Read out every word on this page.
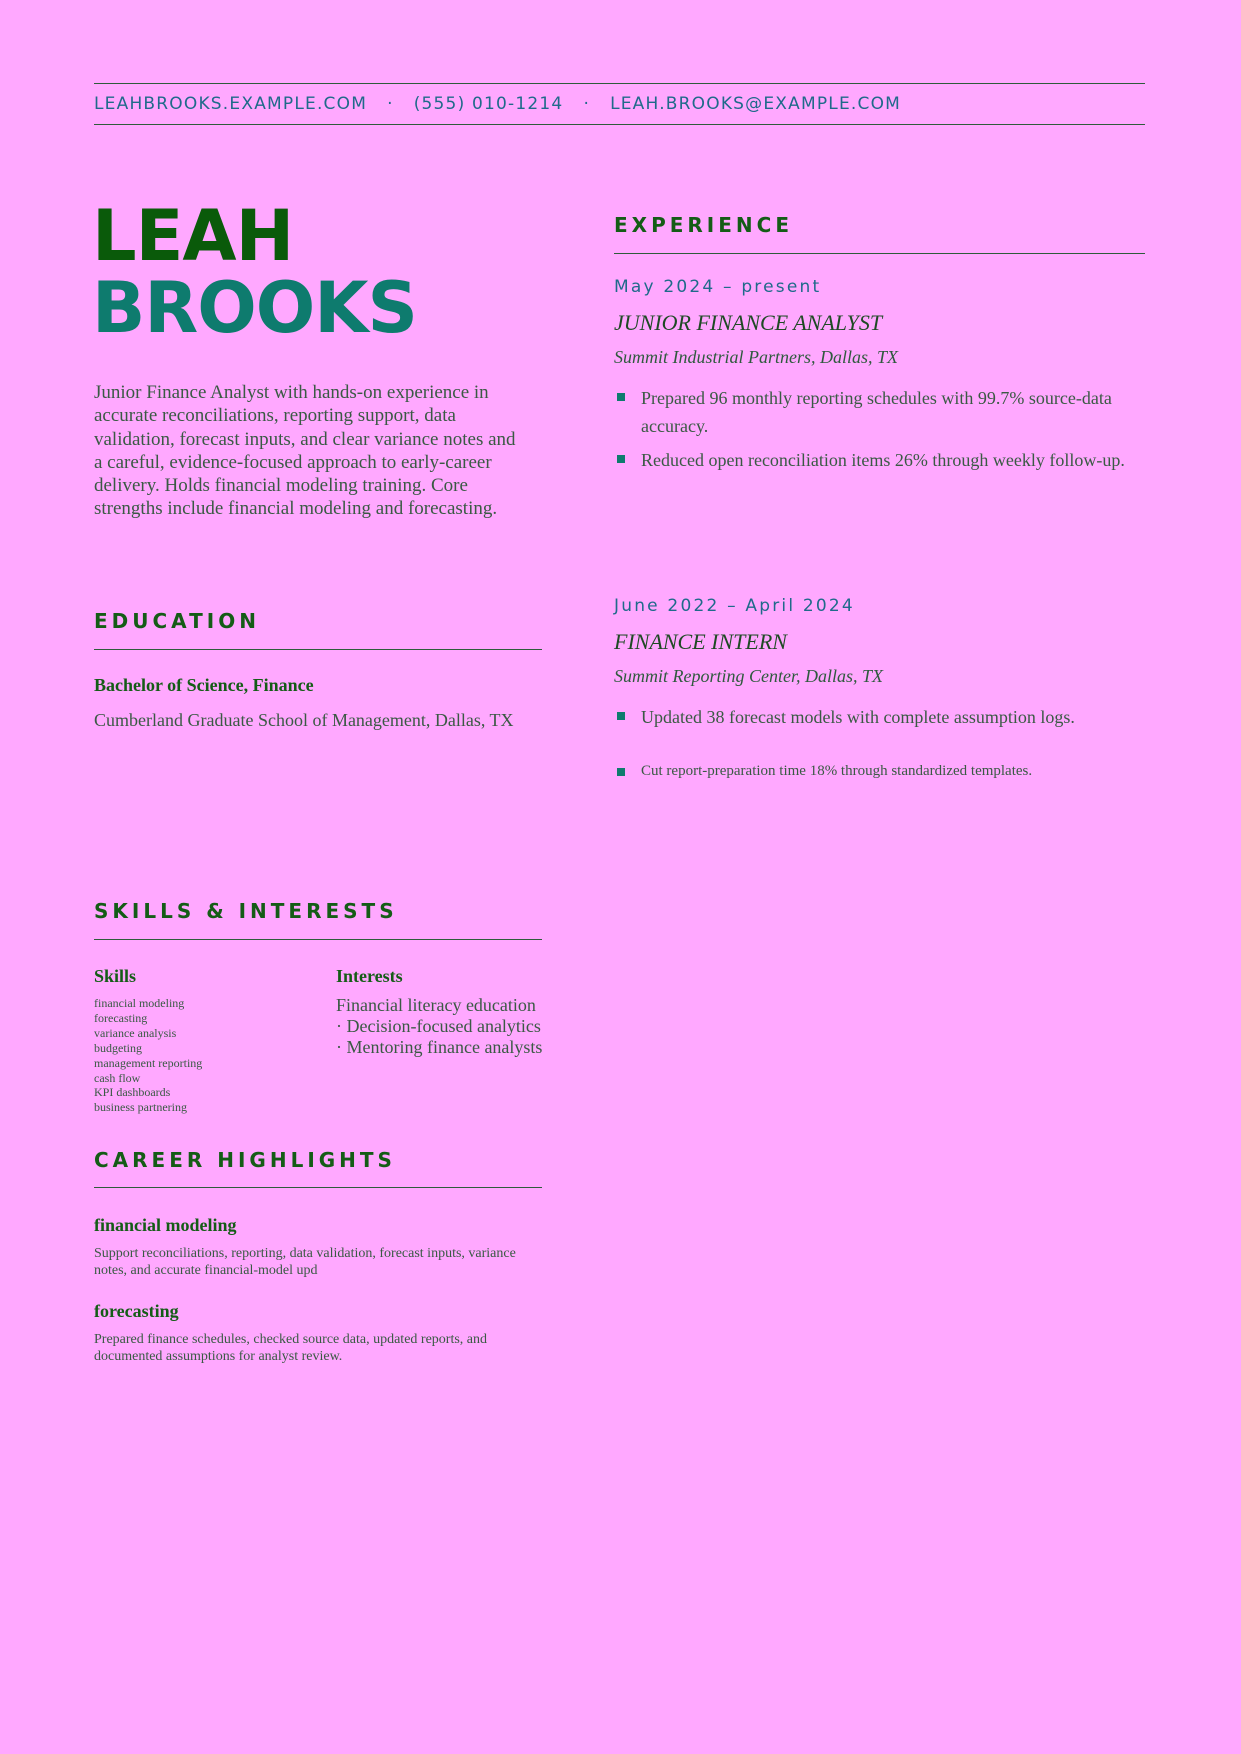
LEAHBROOKS.EXAMPLE.COM · (555) 010-1214 · LEAH.BROOKS@EXAMPLE.COM
LEAH
BROOKS
Junior Finance Analyst with hands-on experience in accurate reconciliations, reporting support, data validation, forecast inputs, and clear variance notes and a careful, evidence-focused approach to early-career delivery. Holds financial modeling training. Core strengths include financial modeling and forecasting.
EXPERIENCE
May 2024 – present
JUNIOR FINANCE ANALYST
Summit Industrial Partners, Dallas, TX
Prepared 96 monthly reporting schedules with 99.7% source-data accuracy.
Reduced open reconciliation items 26% through weekly follow-up.
June 2022 – April 2024
FINANCE INTERN
Summit Reporting Center, Dallas, TX
Updated 38 forecast models with complete assumption logs.
Cut report-preparation time 18% through standardized templates.
EDUCATION
Bachelor of Science, Finance
Cumberland Graduate School of Management, Dallas, TX
SKILLS & INTERESTS
Skills
financial modeling
forecasting
variance analysis
budgeting
management reporting
cash flow
KPI dashboards
business partnering
Interests
Financial literacy education · Decision-focused analytics · Mentoring finance analysts
CAREER HIGHLIGHTS
financial modeling
Support reconciliations, reporting, data validation, forecast inputs, variance notes, and accurate financial-model upd
forecasting
Prepared finance schedules, checked source data, updated reports, and documented assumptions for analyst review.
